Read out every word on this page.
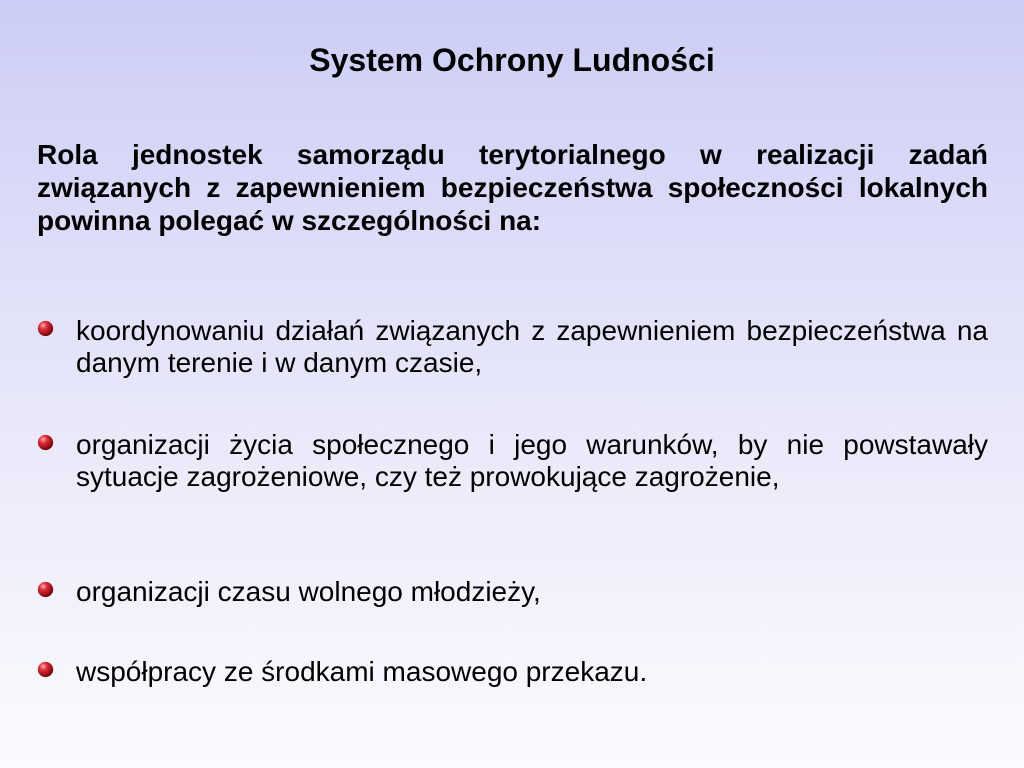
System Ochrony Ludności

Rola jednostek samorządu terytorialnego w realizacji zadań związanych z zapewnieniem bezpieczeństwa społeczności lokalnych powinna polegać w szczególności na:

koordynowaniu działań związanych z zapewnieniem bezpieczeństwa na danym terenie i w danym czasie,
organizacji życia społecznego i jego warunków, by nie powstawały sytuacje zagrożeniowe, czy też prowokujące zagrożenie,
organizacji czasu wolnego młodzieży,
współpracy ze środkami masowego przekazu.
